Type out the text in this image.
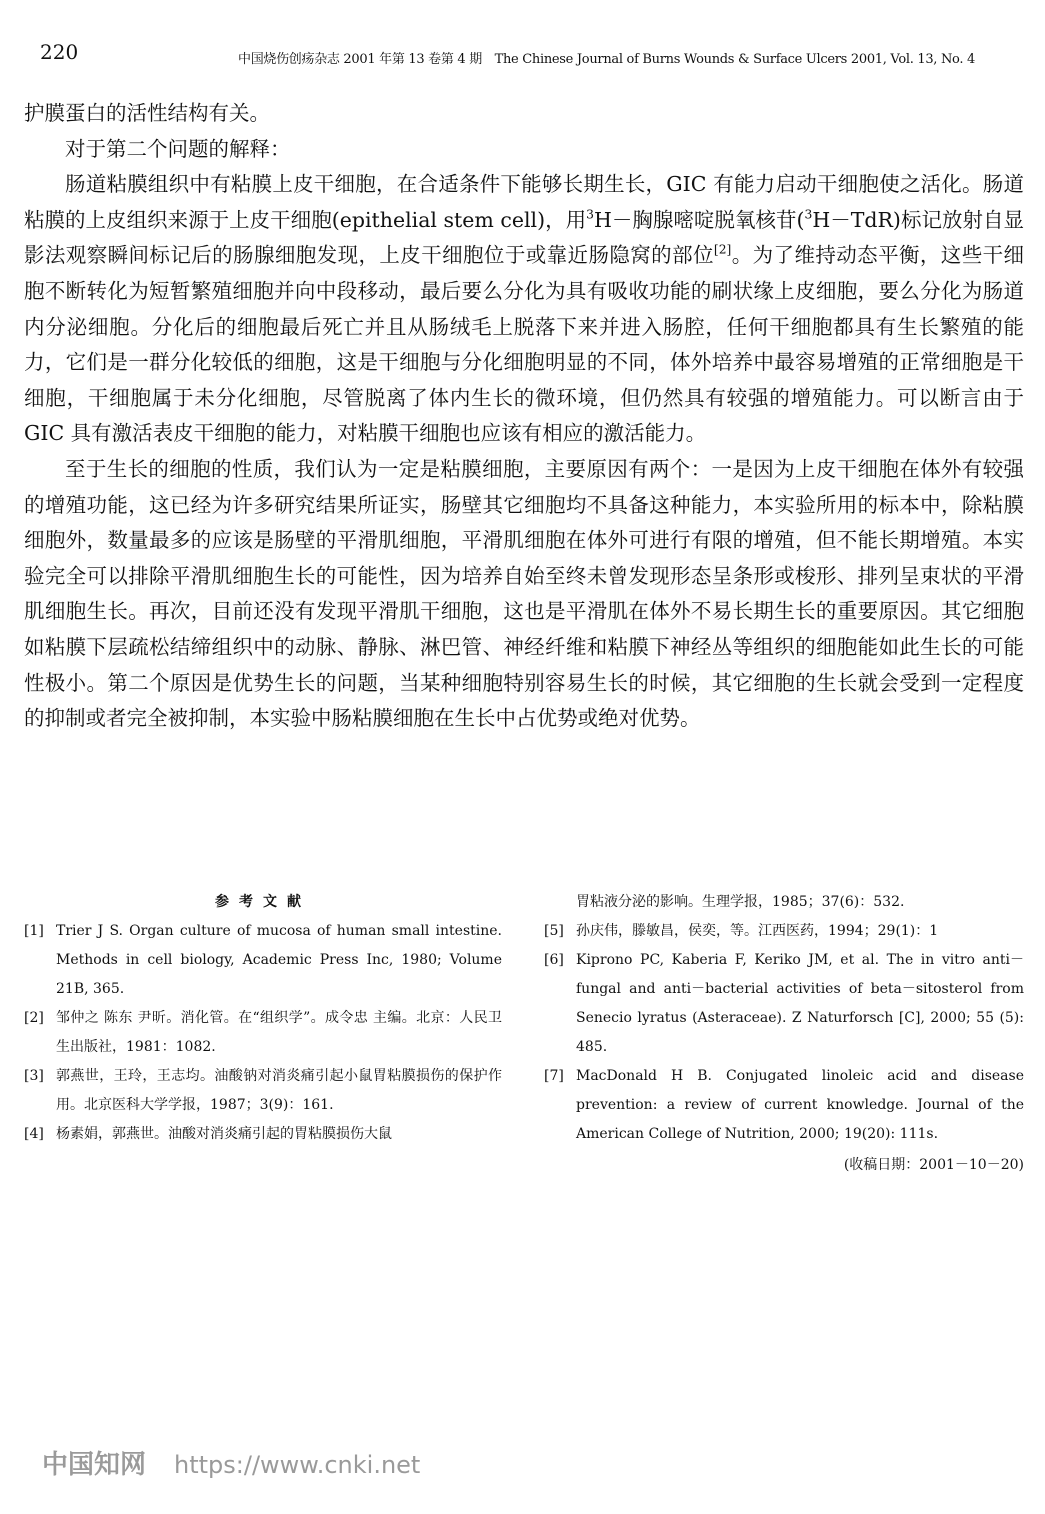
220	中国烧伤创疡杂志 2001 年第 13 卷第 4 期　The Chinese Journal of Burns Wounds & Surface Ulcers 2001, Vol. 13, No. 4

护膜蛋白的活性结构有关。

对于第二个问题的解释：

肠道粘膜组织中有粘膜上皮干细胞，在合适条件下能够长期生长，GIC 有能力启动干细胞使之活化。肠道粘膜的上皮组织来源于上皮干细胞(epithelial stem cell)，用$^3$H－胸腺嘧啶脱氧核苷($^3$H－TdR)标记放射自显影法观察瞬间标记后的肠腺细胞发现，上皮干细胞位于或靠近肠隐窝的部位[2]。为了维持动态平衡，这些干细胞不断转化为短暂繁殖细胞并向中段移动，最后要么分化为具有吸收功能的刷状缘上皮细胞，要么分化为肠道内分泌细胞。分化后的细胞最后死亡并且从肠绒毛上脱落下来并进入肠腔，任何干细胞都具有生长繁殖的能力，它们是一群分化较低的细胞，这是干细胞与分化细胞明显的不同，体外培养中最容易增殖的正常细胞是干细胞，干细胞属于未分化细胞，尽管脱离了体内生长的微环境，但仍然具有较强的增殖能力。可以断言由于 GIC 具有激活表皮干细胞的能力，对粘膜干细胞也应该有相应的激活能力。

至于生长的细胞的性质，我们认为一定是粘膜细胞，主要原因有两个：一是因为上皮干细胞在体外有较强的增殖功能，这已经为许多研究结果所证实，肠壁其它细胞均不具备这种能力，本实验所用的标本中，除粘膜细胞外，数量最多的应该是肠壁的平滑肌细胞，平滑肌细胞在体外可进行有限的增殖，但不能长期增殖。本实验完全可以排除平滑肌细胞生长的可能性，因为培养自始至终未曾发现形态呈条形或梭形、排列呈束状的平滑肌细胞生长。再次，目前还没有发现平滑肌干细胞，这也是平滑肌在体外不易长期生长的重要原因。其它细胞如粘膜下层疏松结缔组织中的动脉、静脉、淋巴管、神经纤维和粘膜下神经丛等组织的细胞能如此生长的可能性极小。第二个原因是优势生长的问题，当某种细胞特别容易生长的时候，其它细胞的生长就会受到一定程度的抑制或者完全被抑制，本实验中肠粘膜细胞在生长中占优势或绝对优势。

参考文献
[1] Trier J S. Organ culture of mucosa of human small intestine. Methods in cell biology, Academic Press Inc, 1980; Volume 21B, 365.
[2] 邹仲之 陈东 尹昕。消化管。在“组织学”。成令忠 主编。北京：人民卫生出版社，1981：1082.
[3] 郭燕世，王玲，王志均。油酸钠对消炎痛引起小鼠胃粘膜损伤的保护作用。北京医科大学学报，1987；3(9)：161.
[4] 杨素娟，郭燕世。油酸对消炎痛引起的胃粘膜损伤大鼠
胃粘液分泌的影响。生理学报，1985；37(6)：532.
[5] 孙庆伟，滕敏昌，侯奕，等。江西医药，1994；29(1)：1
[6] Kiprono PC, Kaberia F, Keriko JM, et al. The in vitro anti－fungal and anti－bacterial activities of beta－sitosterol from Senecio lyratus (Asteraceae). Z Naturforsch [C], 2000; 55 (5): 485.
[7] MacDonald H B. Conjugated linoleic acid and disease prevention: a review of current knowledge. Journal of the American College of Nutrition, 2000; 19(20): 111s.
(收稿日期：2001－10－20)
中国知网 https://www.cnki.net
